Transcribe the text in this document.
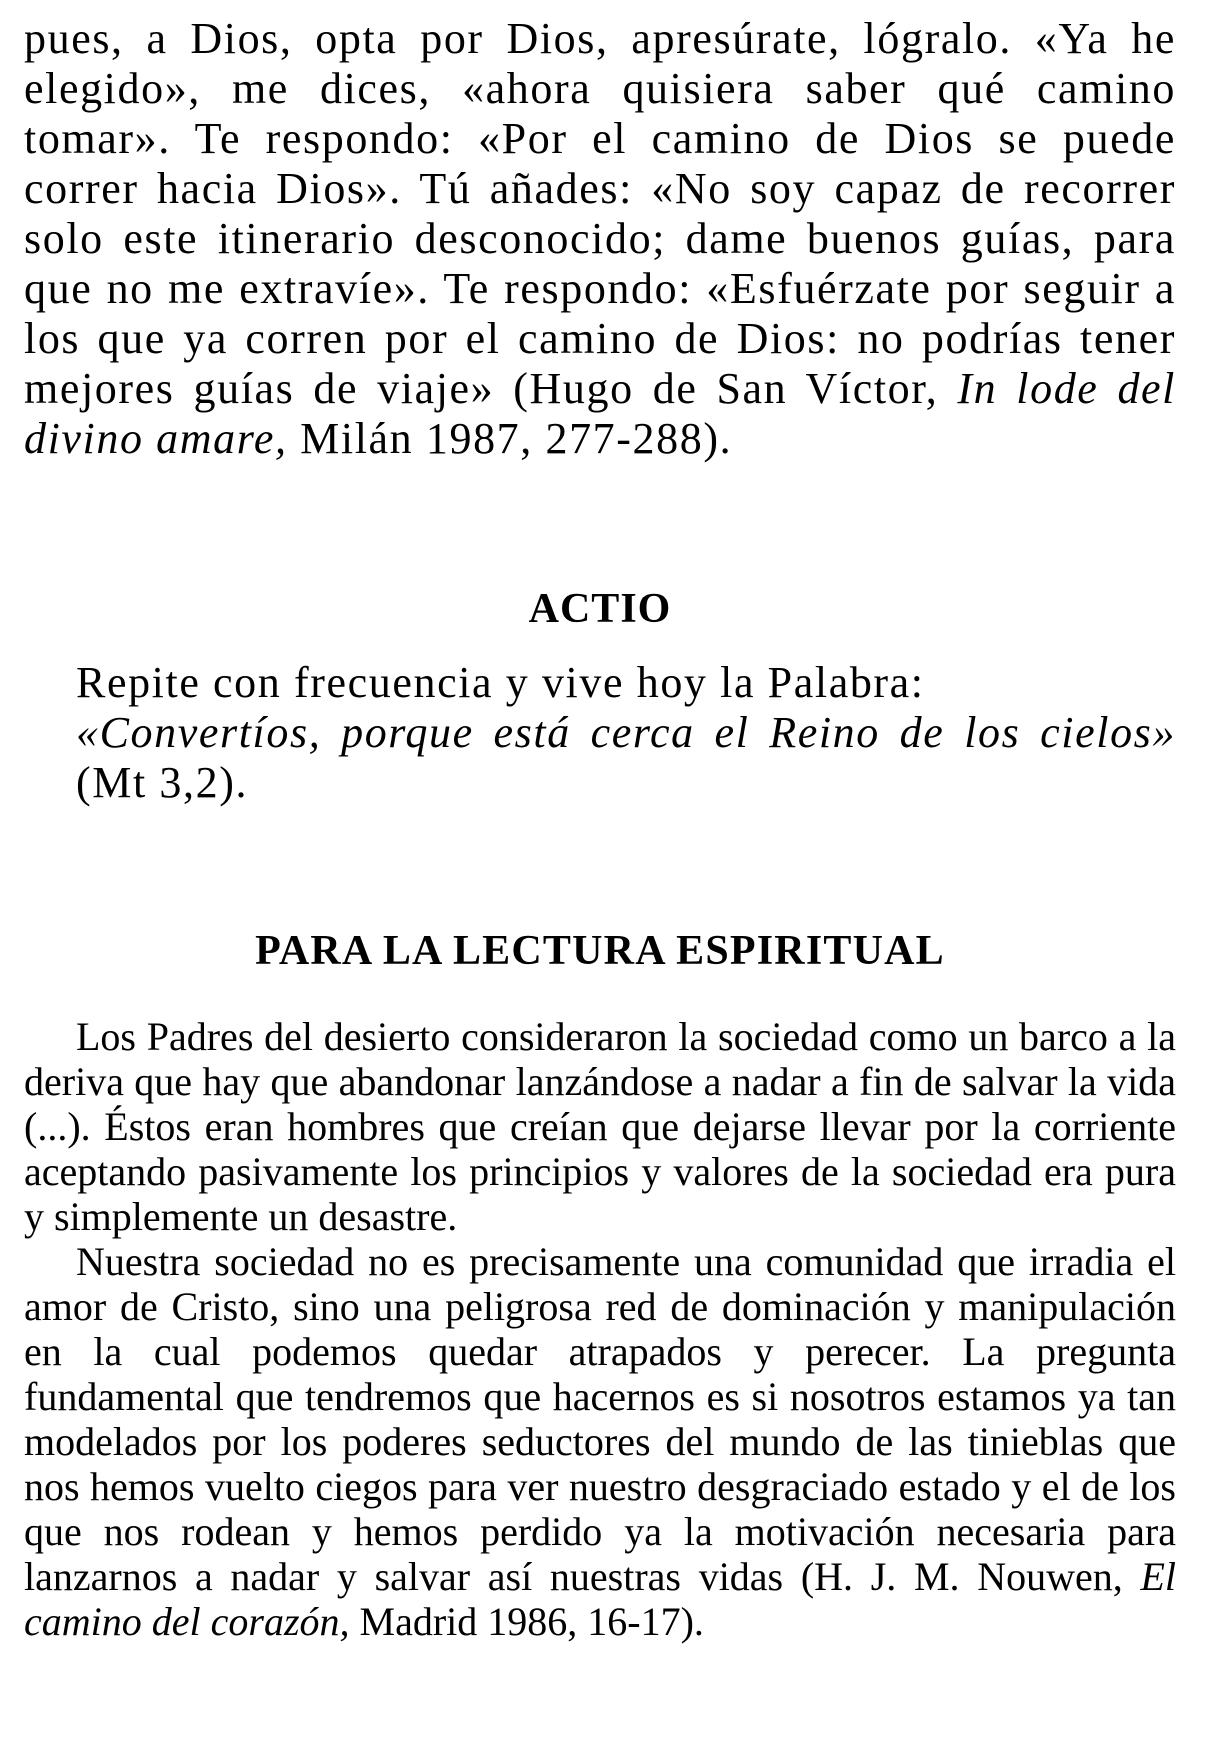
pues, a Dios, opta por Dios, apresúrate, lógralo. «Ya he elegido», me dices, «ahora quisiera saber qué camino tomar». Te respondo: «Por el camino de Dios se puede correr hacia Dios». Tú añades: «No soy capaz de recorrer solo este itinerario desconocido; dame buenos guías, para que no me extravíe». Te respondo: «Esfuérzate por seguir a los que ya corren por el camino de Dios: no podrías tener mejores guías de viaje» (Hugo de San Víctor, In lode del divino amare, Milán 1987, 277-288).

ACTIO

Repite con frecuencia y vive hoy la Palabra:
«Convertíos, porque está cerca el Reino de los cielos» (Mt 3,2).

PARA LA LECTURA ESPIRITUAL

Los Padres del desierto consideraron la sociedad como un barco a la deriva que hay que abandonar lanzándose a nadar a fin de salvar la vida (...). Éstos eran hombres que creían que dejarse llevar por la corriente aceptando pasivamente los principios y valores de la sociedad era pura y simplemente un desastre.

Nuestra sociedad no es precisamente una comunidad que irradia el amor de Cristo, sino una peligrosa red de dominación y manipulación en la cual podemos quedar atrapados y perecer. La pregunta fundamental que tendremos que hacernos es si nosotros estamos ya tan modelados por los poderes seductores del mundo de las tinieblas que nos hemos vuelto ciegos para ver nuestro desgraciado estado y el de los que nos rodean y hemos perdido ya la motivación necesaria para lanzarnos a nadar y salvar así nuestras vidas (H. J. M. Nouwen, El camino del corazón, Madrid 1986, 16-17).
